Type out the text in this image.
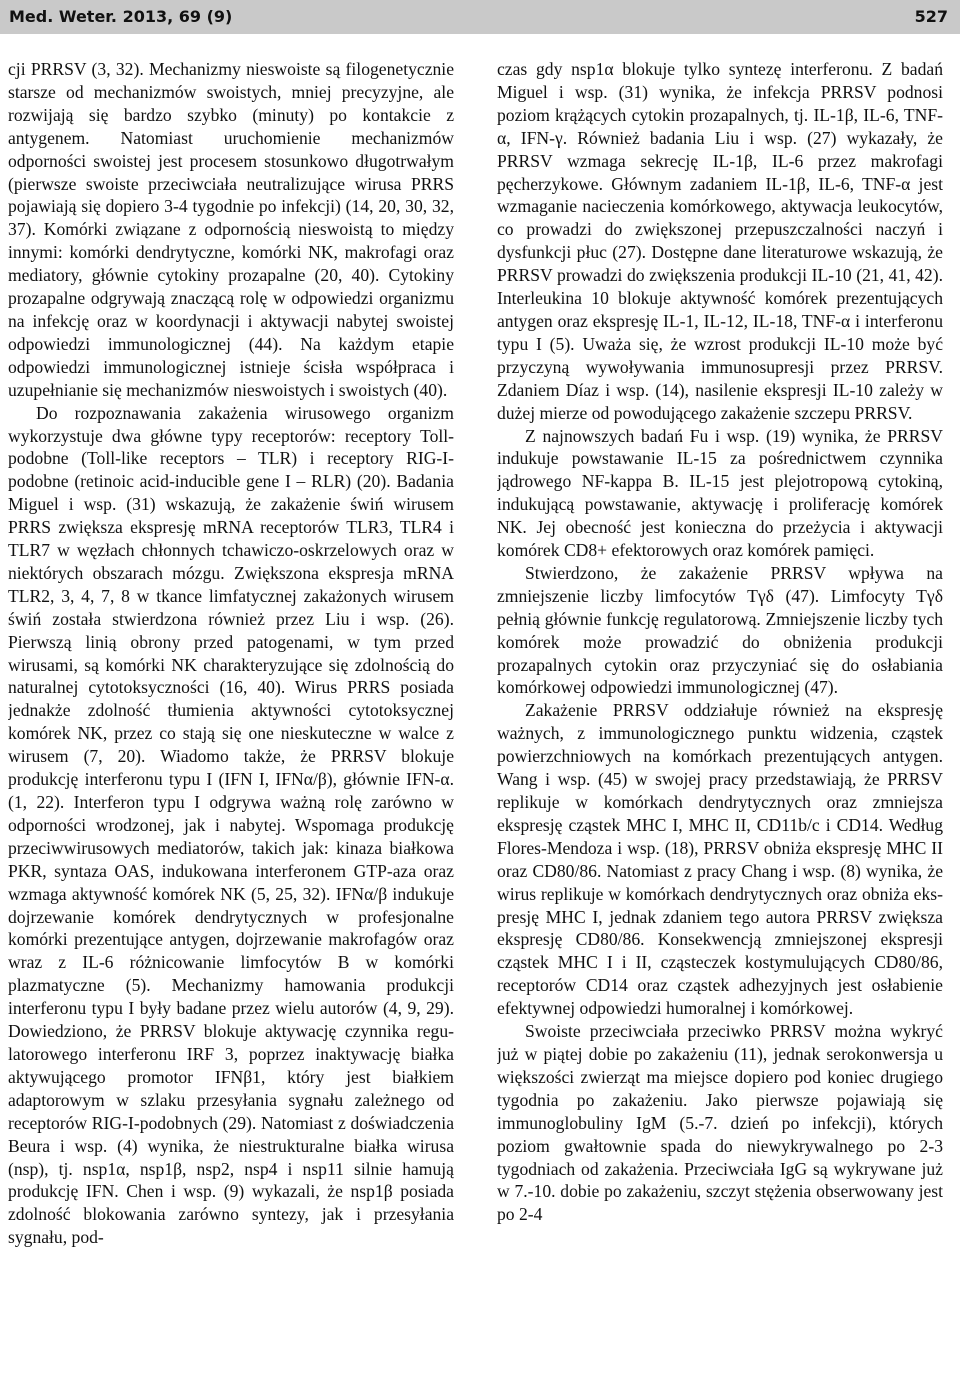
Med. Weter. 2013, 69 (9)	527

cji PRRSV (3, 32). Mechanizmy nieswoiste są filogenetycznie starsze od mechanizmów swoistych, mniej precyzyjne, ale rozwijają się bardzo szybko (minuty) po kontakcie z antygenem. Natomiast uruchomienie mechanizmów odporności swoistej jest procesem stosunkowo długotrwałym (pierwsze swoiste przeciwciała neutralizujące wirusa PRRS pojawiają się dopiero 3-4 tygodnie po infekcji) (14, 20, 30, 32, 37). Komórki związane z odpornością nieswoistą to między innymi: komórki dendrytyczne, komórki NK, makrofagi oraz mediatory, głównie cytokiny prozapalne (20, 40). Cytokiny prozapalne odgrywają znaczącą rolę w odpowiedzi organizmu na infekcję oraz w koordynacji i aktywacji nabytej swoistej odpowiedzi immunologicznej (44). Na każdym etapie odpowiedzi immunologicznej istnieje ścisła współpraca i uzupełnianie się mechanizmów nieswoistych i swoistych (40).

Do rozpoznawania zakażenia wirusowego organizm wykorzystuje dwa główne typy receptorów: receptory Toll-podobne (Toll-like receptors – TLR) i receptory RIG-I-podobne (retinoic acid-inducible gene I – RLR) (20). Badania Miguel i wsp. (31) wskazują, że zakażenie świń wirusem PRRS zwiększa ekspresję mRNA receptorów TLR3, TLR4 i TLR7 w węzłach chłonnych tchawiczo-oskrzelowych oraz w niektórych obszarach mózgu. Zwiększona ekspresja mRNA TLR2, 3, 4, 7, 8 w tkance limfatycznej zakażonych wirusem świń została stwierdzona również przez Liu i wsp. (26). Pierwszą linią obrony przed patogenami, w tym przed wirusami, są komórki NK charakteryzujące się zdolnością do naturalnej cytotoksyczności (16, 40). Wirus PRRS posiada jednakże zdolność tłumienia aktywności cytotoksycznej komórek NK, przez co stają się one nieskuteczne w walce z wirusem (7, 20). Wiadomo także, że PRRSV blokuje produkcję interferonu typu I (IFN I, IFNα/β), głównie IFN-α. (1, 22). Interferon typu I odgrywa ważną rolę zarówno w odporności wrodzonej, jak i nabytej. Wspomaga produkcję przeciwwirusowych mediatorów, takich jak: kinaza białkowa PKR, syntaza OAS, indukowana interferonem GTP-aza oraz wzmaga aktywność komórek NK (5, 25, 32). IFNα/β indukuje dojrzewanie komórek dendrytycznych w profesjonalne komórki prezentujące antygen, dojrzewanie makrofagów oraz wraz z IL-6 różnicowanie limfocytów B w komórki plazmatyczne (5). Mechanizmy hamowania produkcji interferonu typu I były badane przez wielu autorów (4, 9, 29). Dowiedziono, że PRRSV blokuje aktywację czynnika regulatorowego interferonu IRF 3, poprzez inaktywację białka aktywującego promotor IFNβ1, który jest białkiem adaptorowym w szlaku przesyłania sygnału zależnego od receptorów RIG-I-podobnych (29). Natomiast z doświadczenia Beura i wsp. (4) wynika, że niestrukturalne białka wirusa (nsp), tj. nsp1α, nsp1β, nsp2, nsp4 i nsp11 silnie hamują produkcję IFN. Chen i wsp. (9) wykazali, że nsp1β posiada zdolność blokowania zarówno syntezy, jak i przesyłania sygnału, pod-

czas gdy nsp1α blokuje tylko syntezę interferonu. Z badań Miguel i wsp. (31) wynika, że infekcja PRRSV podnosi poziom krążących cytokin prozapalnych, tj. IL-1β, IL-6, TNF-α, IFN-γ. Również badania Liu i wsp. (27) wykazały, że PRRSV wzmaga sekrecję IL-1β, IL-6 przez makrofagi pęcherzykowe. Głównym zadaniem IL-1β, IL-6, TNF-α jest wzmaganie nacieczenia komórkowego, aktywacja leukocytów, co prowadzi do zwiększonej przepuszczalności naczyń i dysfunkcji płuc (27). Dostępne dane literaturowe wskazują, że PRRSV prowadzi do zwiększenia produkcji IL-10 (21, 41, 42). Interleukina 10 blokuje aktywność komórek prezentujących antygen oraz ekspresję IL-1, IL-12, IL-18, TNF-α i interferonu typu I (5). Uważa się, że wzrost produkcji IL-10 może być przyczyną wywoływania immunosupresji przez PRRSV. Zdaniem Díaz i wsp. (14), nasilenie ekspresji IL-10 zależy w dużej mierze od powodującego zakażenie szczepu PRRSV.

Z najnowszych badań Fu i wsp. (19) wynika, że PRRSV indukuje powstawanie IL-15 za pośrednictwem czynnika jądrowego NF-kappa B. IL-15 jest plejotropową cytokiną, indukującą powstawanie, aktywację i proliferację komórek NK. Jej obecność jest konieczna do przeżycia i aktywacji komórek CD8+ efektorowych oraz komórek pamięci.

Stwierdzono, że zakażenie PRRSV wpływa na zmniejszenie liczby limfocytów Tγδ (47). Limfocyty Tγδ pełnią głównie funkcję regulatorową. Zmniejszenie liczby tych komórek może prowadzić do obniżenia produkcji prozapalnych cytokin oraz przyczyniać się do osłabiania komórkowej odpowiedzi immunologicznej (47).

Zakażenie PRRSV oddziałuje również na ekspresję ważnych, z immunologicznego punktu widzenia, cząstek powierzchniowych na komórkach prezentujących antygen. Wang i wsp. (45) w swojej pracy przedstawiają, że PRRSV replikuje w komórkach dendrytycznych oraz zmniejsza ekspresję cząstek MHC I, MHC II, CD11b/c i CD14. Według Flores-Mendoza i wsp. (18), PRRSV obniża ekspresję MHC II oraz CD80/86. Natomiast z pracy Chang i wsp. (8) wynika, że wirus replikuje w komórkach dendrytycznych oraz obniża ekspresję MHC I, jednak zdaniem tego autora PRRSV zwiększa ekspresję CD80/86. Konsekwencją zmniejszonej ekspresji cząstek MHC I i II, cząsteczek kostymulujących CD80/86, receptorów CD14 oraz cząstek adhezyjnych jest osłabienie efektywnej odpowiedzi humoralnej i komórkowej.

Swoiste przeciwciała przeciwko PRRSV można wykryć już w piątej dobie po zakażeniu (11), jednak serokonwersja u większości zwierząt ma miejsce dopiero pod koniec drugiego tygodnia po zakażeniu. Jako pierwsze pojawiają się immunoglobuliny IgM (5.-7. dzień po infekcji), których poziom gwałtownie spada do niewykrywalnego po 2-3 tygodniach od zakażenia. Przeciwciała IgG są wykrywane już w 7.-10. dobie po zakażeniu, szczyt stężenia obserwowany jest po 2-4
